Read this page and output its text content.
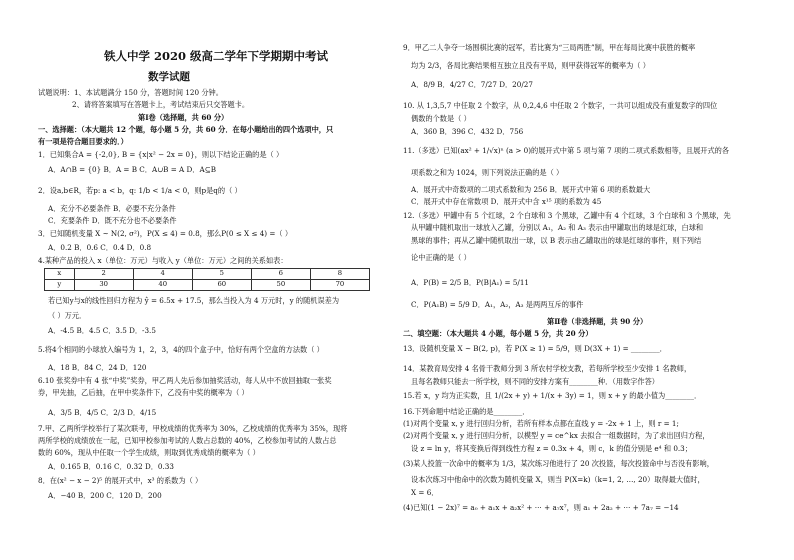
铁人中学 2020 级高二学年下学期期中考试
数学试题
试题说明：1、本试题满分 150 分，答题时间 120 分钟。
2、请将答案填写在答题卡上，考试结束后只交答题卡。
第Ⅰ卷（选择题，共 60 分）
一、选择题：（本大题共 12 个题，每小题 5 分，共 60 分．在每小题给出的四个选项中，只
有一项是符合题目要求的．）
1．已知集合A = {-2,0}, B = {x|x² − 2x = 0}，则以下结论正确的是（ ）
A．A∩B = {0} B．A = B C．A∪B = A D．A⊆B
2．设a,b∈R，若p: a < b，q: 1/b < 1/a < 0，则p是q的（ ）
A．充分不必要条件 B．必要不充分条件
C．充要条件 D．既不充分也不必要条件
3．已知随机变量 X ~ N(2, σ²)，P(X ≤ 4) = 0.8，那么P(0 ≤ X ≤ 4) =（ ）
A．0.2 B．0.6 C．0.4 D．0.8
4.某种产品的投入 x（单位：万元）与收入 y（单位：万元）之间的关系如表：
x	2	4	5	6	8
y	30	40	60	50	70
若已知y与x的线性回归方程为 ŷ = 6.5x + 17.5，那么当投入为 4 万元时，y 的随机误差为
（ ）万元．
A．-4.5 B．4.5 C．3.5 D．-3.5
5.将4个相同的小球放入编号为 1，2，3，4的四个盒子中，恰好有两个空盒的方法数（ ）
A．18 B．84 C．24 D．120
6.10 张奖券中有 4 张“中奖”奖券，甲乙两人先后参加抽奖活动，每人从中不放回抽取一张奖
券，甲先抽，乙后抽，在甲中奖条件下，乙没有中奖的概率为（ ）
A．3/5 B．4/5 C．2/3 D．4/15
7.甲、乙两所学校举行了某次联考，甲校成绩的优秀率为 30%，乙校成绩的优秀率为 35%，现将
两所学校的成绩放在一起，已知甲校参加考试的人数占总数的 40%，乙校参加考试的人数占总
数的 60%，现从中任取一个学生成绩，则取到优秀成绩的概率为（ ）
A．0.165 B．0.16 C．0.32 D．0.33
8．在(x² − x − 2)⁵ 的展开式中，x³ 的系数为（ ）
A．−40 B．200 C．120 D．200
9．甲乙二人争夺一场围棋比赛的冠军，若比赛为“三局两胜”制，甲在每局比赛中获胜的概率
均为 2/3，各局比赛结果相互独立且没有平局，则甲获得冠军的概率为（ ）
A．8/9 B．4/27 C．7/27 D．20/27
10. 从 1,3,5,7 中任取 2 个数字，从 0,2,4,6 中任取 2 个数字，一共可以组成没有重复数字的四位
偶数的个数是（ ）
A．360 B．396 C．432 D．756
11.（多选）已知(ax² + 1/√x)ⁿ (a > 0)的展开式中第 5 项与第 7 项的二项式系数相等，且展开式的各
项系数之和为 1024，则下列说法正确的是（ ）
A．展开式中奇数项的二项式系数和为 256 B．展开式中第 6 项的系数最大
C．展开式中存在常数项 D．展开式中含 x¹⁵ 项的系数为 45
12.（多选）甲罐中有 5 个红球，2 个白球和 3 个黑球，乙罐中有 4 个红球，3 个白球和 3 个黑球，先
从甲罐中随机取出一球放入乙罐，分别以 A₁，A₂ 和 A₃ 表示由甲罐取出的球是红球，白球和
黑球的事件；再从乙罐中随机取出一球，以 B 表示由乙罐取出的球是红球的事件，则下列结
论中正确的是（ ）
A．P(B) = 2/5 B．P(B|A₁) = 5/11
C．P(A₁B) = 5/9 D．A₁，A₂，A₃ 是两两互斥的事件
第Ⅱ卷（非选择题，共 90 分）
二、填空题：（本大题共 4 小题，每小题 5 分，共 20 分）
13．设随机变量 X ~ B(2, p)，若 P(X ≥ 1) = 5/9，则 D(3X + 1) = ________．
14．某教育局安排 4 名骨干教师分到 3 所农村学校支教，若每所学校至少安排 1 名教师，
且每名教师只能去一所学校，则不同的安排方案有________种．（用数字作答）
15.若 x，y 均为正实数，且 1/(2x + y) + 1/(x + 3y) = 1，则 x + y 的最小值为________．
16.下列命题中结论正确的是________．
(1)对两个变量 x, y 进行回归分析，若所有样本点都在直线 y = -2x + 1 上，则 r = 1;
(2)对两个变量 x, y 进行回归分析，以模型 y = ce^kx 去拟合一组数据时，为了求出回归方程，
设 z = ln y，将其变换后得到线性方程 z = 0.3x + 4，则 c，k 的值分别是 e⁴ 和 0.3；
(3)某人投篮一次命中的概率为 1/3，某次练习他进行了 20 次投篮，每次投篮命中与否没有影响，
设本次练习中他命中的次数为随机变量 X，则当 P(X=k)（k=1, 2, …, 20）取得最大值时，
X = 6．
(4)已知(1 − 2x)⁷ = a₀ + a₁x + a₂x² + ⋯ + a₇x⁷，则 a₁ + 2a₂ + ⋯ + 7a₇ = −14
